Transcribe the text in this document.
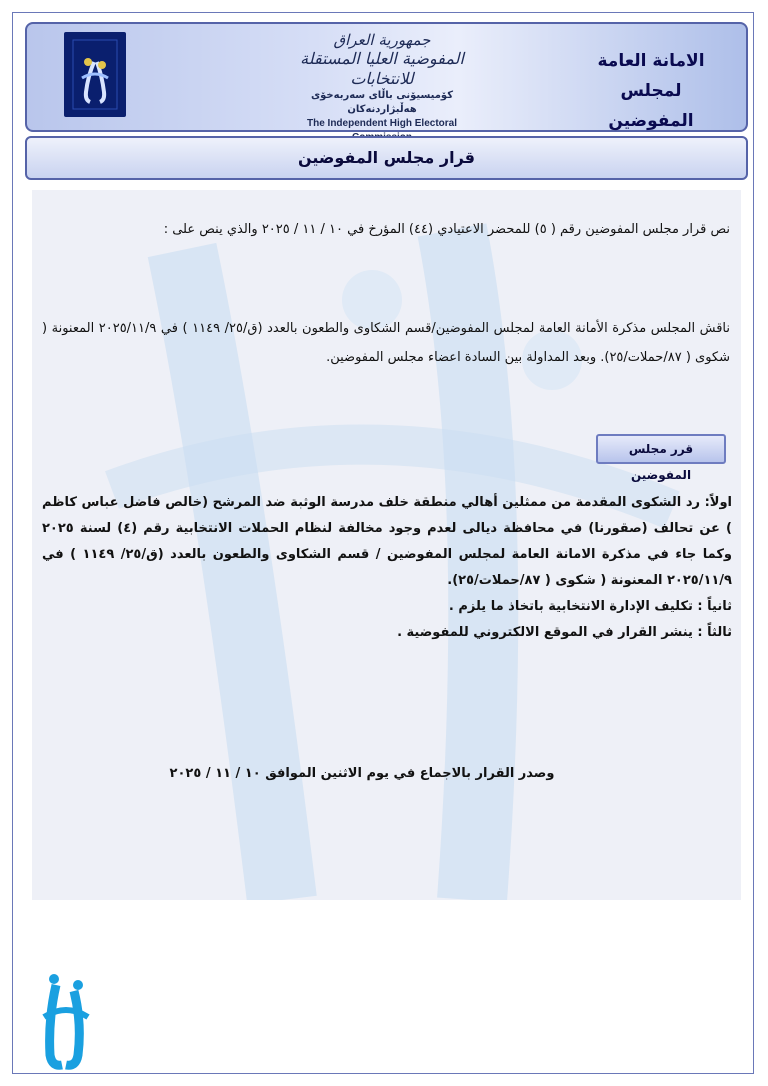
جمهورية العراق
المفوضية العليا المستقلة للانتخابات
كۆمیسیۆنی باڵای سەربەخۆی هەڵبژاردنەکان
The Independent High Electoral
الامانة العامة
لمجلس المفوضين
قرار مجلس المفوضين
نص قرار مجلس المفوضين رقم ( ٥) للمحضر الاعتيادي (٤٤) المؤرخ في ١٠ / ١١ / ٢٠٢٥ والذي ينص على :
ناقش المجلس مذكرة الأمانة العامة لمجلس المفوضين/قسم الشكاوى والطعون بالعدد (ق/٢٥/ ١١٤٩ ) في ٢٠٢٥/١١/٩ المعنونة ( شكوى ( ٨٧/حملات/٢٥). وبعد المداولة بين السادة اعضاء مجلس المفوضين.
قرر مجلس المفوضين

اولاً: رد الشكوى المقدمة من ممثلين أهالي منطقة خلف مدرسة الوثبة ضد المرشح (خالص فاضل عباس كاظم ) عن تحالف (صقورنا) في محافظة ديالى لعدم وجود مخالفة لنظام الحملات الانتخابية رقم (٤) لسنة ٢٠٢٥ وكما جاء في مذكرة الامانة العامة لمجلس المفوضين / قسم الشكاوى والطعون بالعدد (ق/٢٥/ ١١٤٩ ) في ٢٠٢٥/١١/٩ المعنونة ( شكوى ( ٨٧/حملات/٢٥).

ثانياً : تكليف الإدارة الانتخابية باتخاذ ما يلزم .

ثالثاً : ينشر القرار في الموقع الالكتروني للمفوضية .

وصدر القرار بالاجماع في يوم الاثنين الموافق ١٠ / ١١ / ٢٠٢٥
